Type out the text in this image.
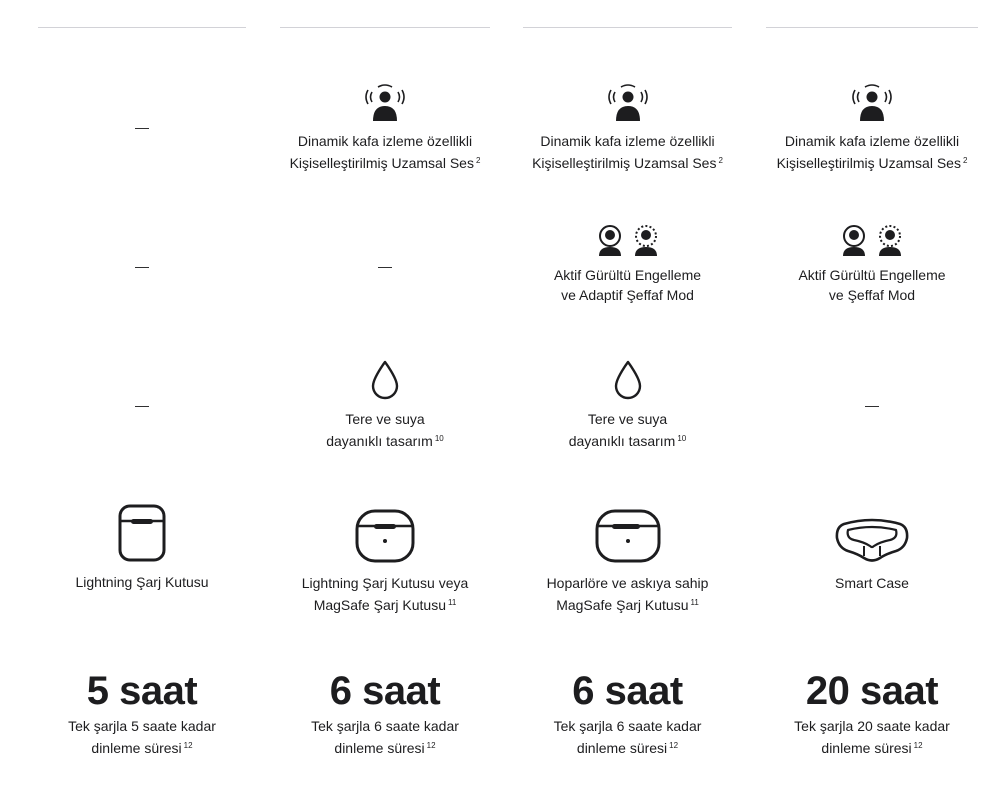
—
—
—
Lightning Şarj Kutusu
5 saat
Tek şarjla 5 saate kadar
dinleme süresi $^{12}$
Dinamik kafa izleme özellikli
Kişiselleştirilmiş Uzamsal Ses $^2$
—
Tere ve suya
dayanıklı tasarım $^{10}$
Lightning Şarj Kutusu veya
MagSafe Şarj Kutusu $^{11}$
6 saat
Tek şarjla 6 saate kadar
dinleme süresi $^{12}$
Dinamik kafa izleme özellikli
Kişiselleştirilmiş Uzamsal Ses $^2$
Aktif Gürültü Engelleme
ve Adaptif Şeffaf Mod
Tere ve suya
dayanıklı tasarım $^{10}$
Hoparlöre ve askıya sahip
MagSafe Şarj Kutusu $^{11}$
6 saat
Tek şarjla 6 saate kadar
dinleme süresi $^{12}$
Dinamik kafa izleme özellikli
Kişiselleştirilmiş Uzamsal Ses $^2$
Aktif Gürültü Engelleme
ve Şeffaf Mod
—
Smart Case
20 saat
Tek şarjla 20 saate kadar
dinleme süresi $^{12}$
